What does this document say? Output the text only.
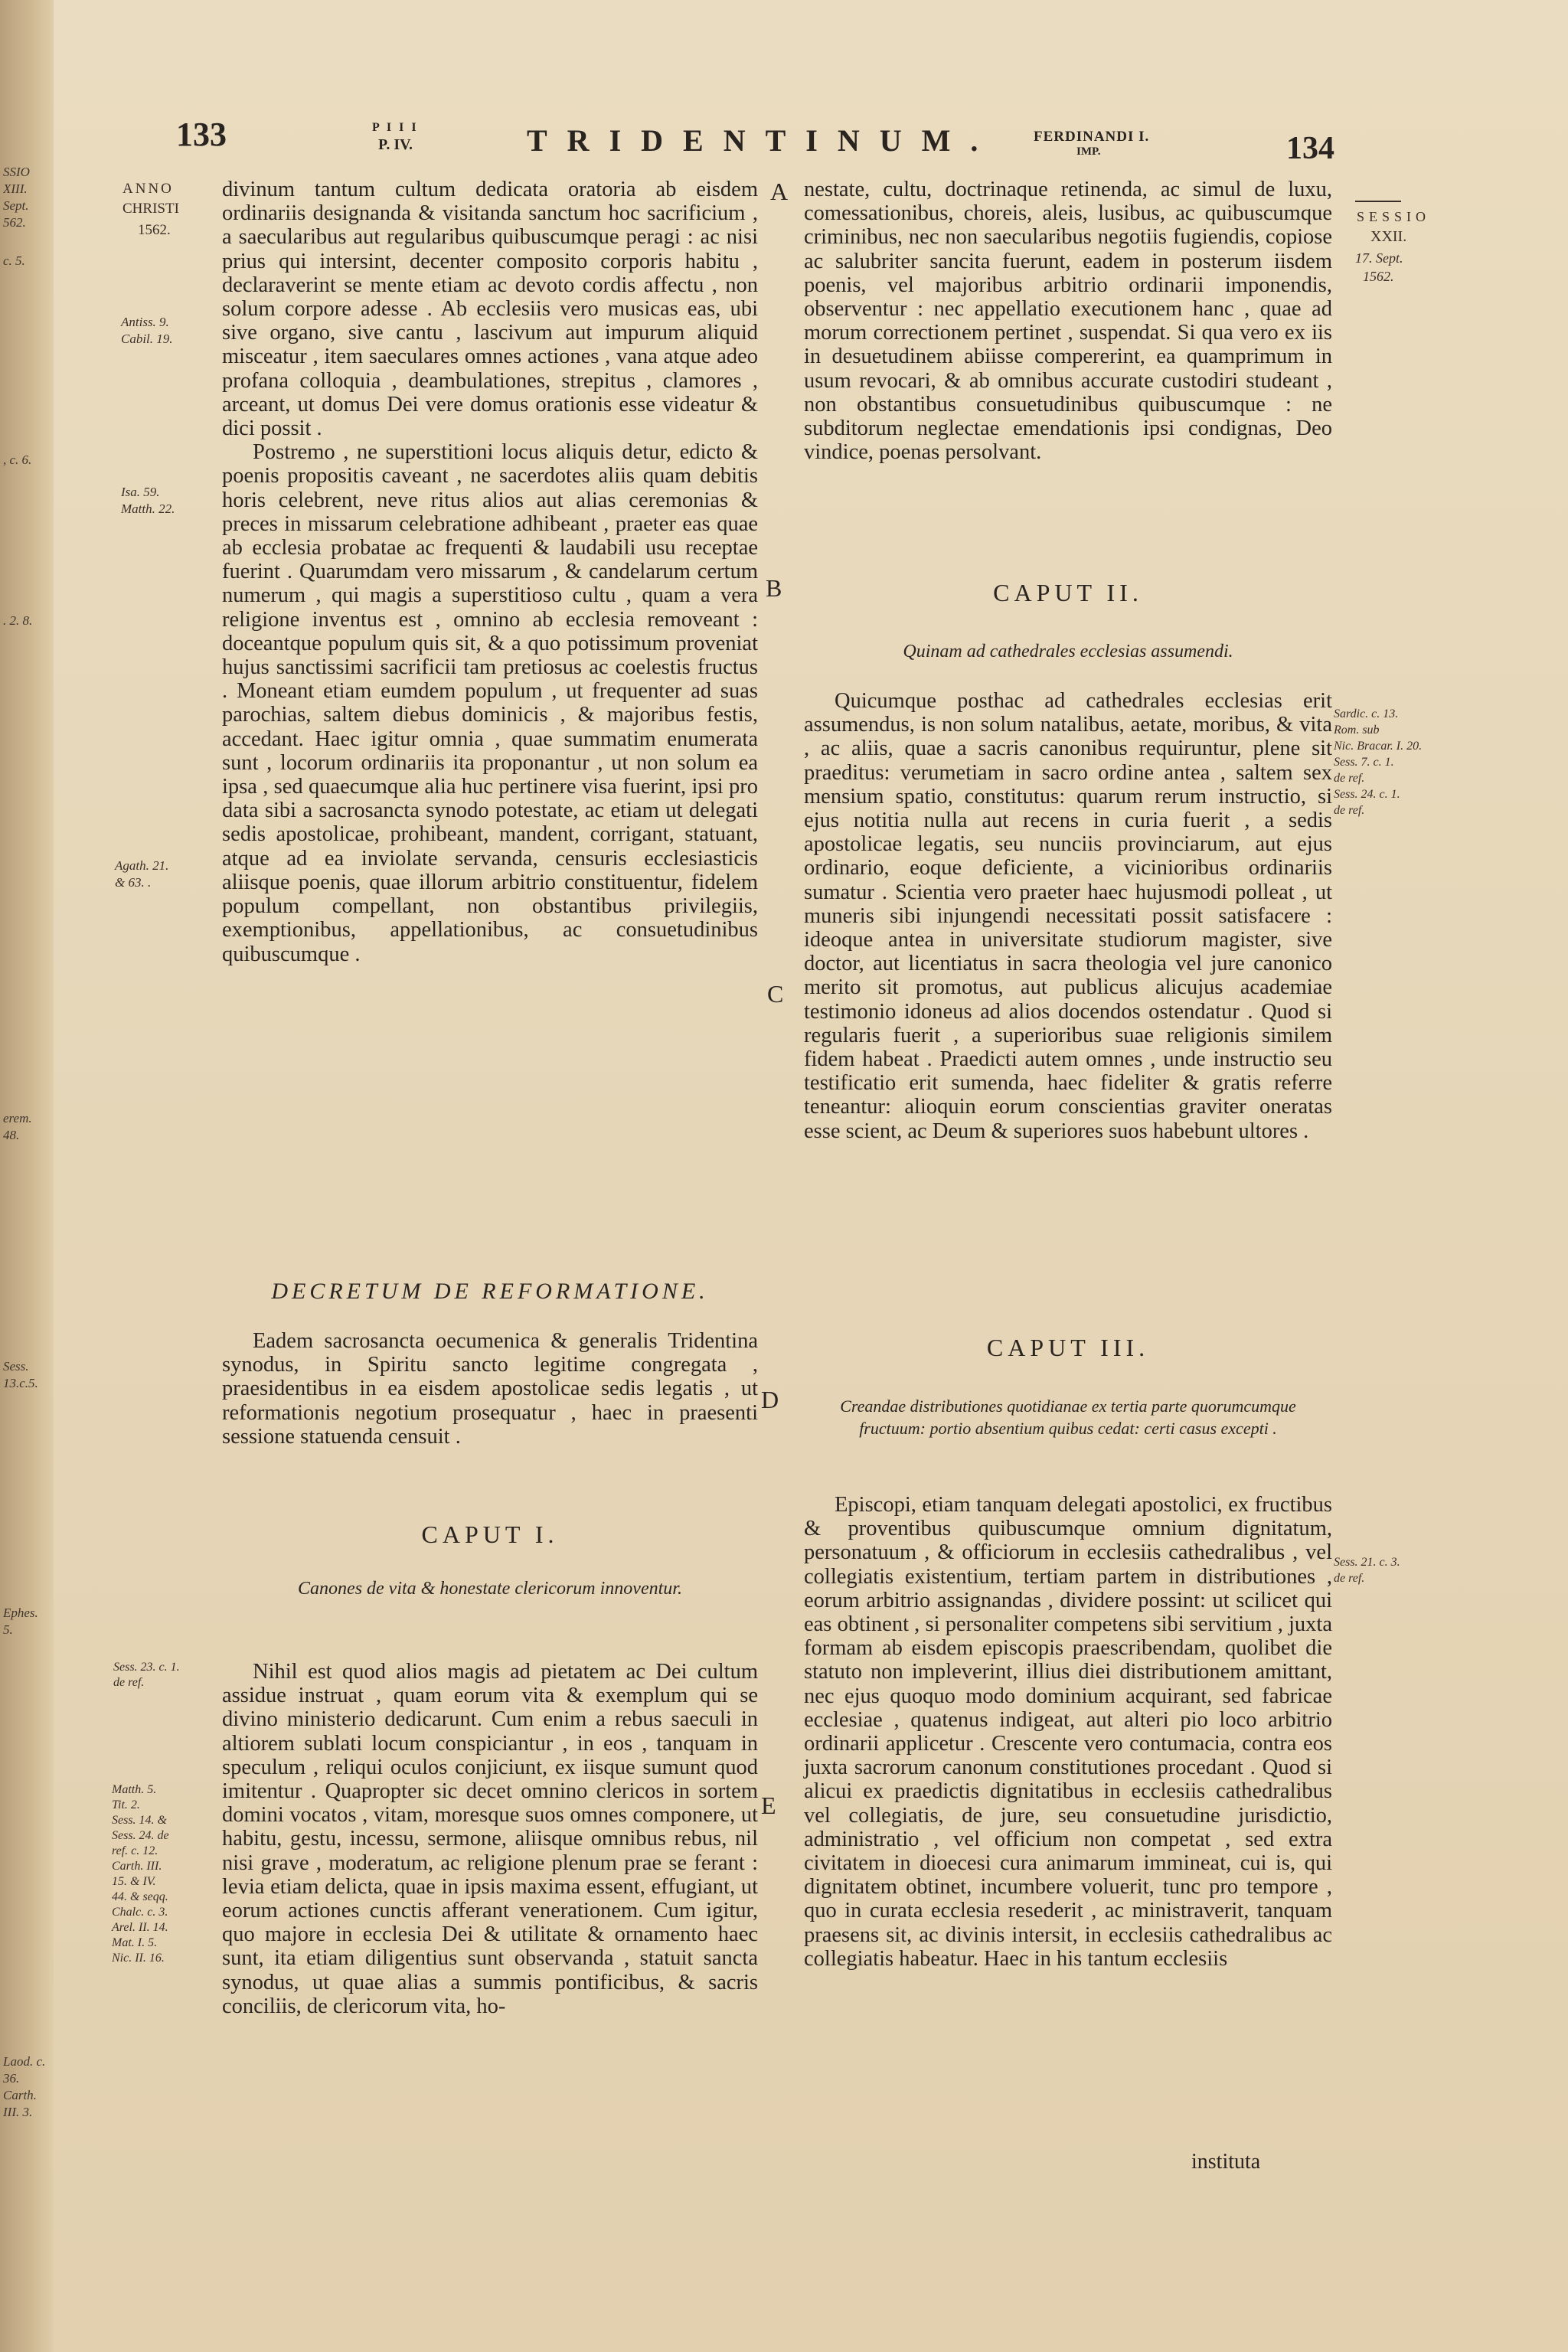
SSIO
XIII.
Sept.
562.
c. 5.
, c. 6.
. 2. 8.
erem. 48.
Sess. 13.c.5.
Ephes. 5.
Laod. c. 36.
Carth. III. 3.
133	P I I I
P. IV.	TRIDENTINUM. FERDINANDI I.
IMP.	134
ANNO
CHRISTI
1562.
Antiss. 9.
Cabil. 19.
Isa. 59.
Matth. 22.
Agath. 21.
& 63. .
Sess. 23. c. 1.
de ref.
Matth. 5.
Tit. 2.
Sess. 14. &
Sess. 24. de
ref. c. 12.
Carth. III.
15. & IV.
44. & seqq.
Chalc. c. 3.
Arel. II. 14.
Mat. I. 5.
Nic. II. 16.

divinum tantum cultum dedicata oratoria ab eisdem ordinariis designanda & visitanda sanctum hoc sacrificium , a saecularibus aut regularibus quibuscumque peragi : ac nisi prius qui intersint, decenter composito corporis habitu , declaraverint se mente etiam ac devoto cordis affectu , non solum corpore adesse . Ab ecclesiis vero musicas eas, ubi sive organo, sive cantu , lascivum aut impurum aliquid misceatur , item saeculares omnes actiones , vana atque adeo profana colloquia , deambulationes, strepitus , clamores , arceant, ut domus Dei vere domus orationis esse videatur & dici possit .

Postremo , ne superstitioni locus aliquis detur, edicto & poenis propositis caveant , ne sacerdotes aliis quam debitis horis celebrent, neve ritus alios aut alias ceremonias & preces in missarum celebratione adhibeant , praeter eas quae ab ecclesia probatae ac frequenti & laudabili usu receptae fuerint . Quarumdam vero missarum , & candelarum certum numerum , qui magis a superstitioso cultu , quam a vera religione inventus est , omnino ab ecclesia removeant : doceantque populum quis sit, & a quo potissimum proveniat hujus sanctissimi sacrificii tam pretiosus ac coelestis fructus . Moneant etiam eumdem populum , ut frequenter ad suas parochias, saltem diebus dominicis , & majoribus festis, accedant. Haec igitur omnia , quae summatim enumerata sunt , locorum ordinariis ita proponantur , ut non solum ea ipsa , sed quaecumque alia huc pertinere visa fuerint, ipsi pro data sibi a sacrosancta synodo potestate, ac etiam ut delegati sedis apostolicae, prohibeant, mandent, corrigant, statuant, atque ad ea inviolate servanda, censuris ecclesiasticis aliisque poenis, quae illorum arbitrio constituentur, fidelem populum compellant, non obstantibus privilegiis, exemptionibus, appellationibus, ac consuetudinibus quibuscumque .

DECRETUM DE REFORMATIONE.

Eadem sacrosancta oecumenica & generalis Tridentina synodus, in Spiritu sancto legitime congregata , praesidentibus in ea eisdem apostolicae sedis legatis , ut reformationis negotium prosequatur , haec in praesenti sessione statuenda censuit .

CAPUT I.
Canones de vita & honestate clericorum innoventur.

Nihil est quod alios magis ad pietatem ac Dei cultum assidue instruat , quam eorum vita & exemplum qui se divino ministerio dedicarunt. Cum enim a rebus saeculi in altiorem sublati locum conspiciantur , in eos , tanquam in speculum , reliqui oculos conjiciunt, ex iisque sumunt quod imitentur . Quapropter sic decet omnino clericos in sortem domini vocatos , vitam, moresque suos omnes componere, ut habitu, gestu, incessu, sermone, aliisque omnibus rebus, nil nisi grave , moderatum, ac religione plenum prae se ferant : levia etiam delicta, quae in ipsis maxima essent, effugiant, ut eorum actiones cunctis afferant venerationem. Cum igitur, quo majore in ecclesia Dei & utilitate & ornamento haec sunt, ita etiam diligentius sunt observanda , statuit sancta synodus, ut quae alias a summis pontificibus, & sacris conciliis, de clericorum vita, ho-

A
B
C
D
E

nestate, cultu, doctrinaque retinenda, ac simul de luxu, comessationibus, choreis, aleis, lusibus, ac quibuscumque criminibus, nec non saecularibus negotiis fugiendis, copiose ac salubriter sancita fuerunt, eadem in posterum iisdem poenis, vel majoribus arbitrio ordinarii imponendis, observentur : nec appellatio executionem hanc , quae ad morum correctionem pertinet , suspendat. Si qua vero ex iis in desuetudinem abiisse compererint, ea quamprimum in usum revocari, & ab omnibus accurate custodiri studeant , non obstantibus consuetudinibus quibuscumque : ne subditorum neglectae emendationis ipsi condignas, Deo vindice, poenas persolvant.

CAPUT II.
Quinam ad cathedrales ecclesias assumendi.

Quicumque posthac ad cathedrales ecclesias erit assumendus, is non solum natalibus, aetate, moribus, & vita , ac aliis, quae a sacris canonibus requiruntur, plene sit praeditus: verumetiam in sacro ordine antea , saltem sex mensium spatio, constitutus: quarum rerum instructio, si ejus notitia nulla aut recens in curia fuerit , a sedis apostolicae legatis, seu nunciis provinciarum, aut ejus ordinario, eoque deficiente, a vicinioribus ordinariis sumatur . Scientia vero praeter haec hujusmodi polleat , ut muneris sibi injungendi necessitati possit satisfacere : ideoque antea in universitate studiorum magister, sive doctor, aut licentiatus in sacra theologia vel jure canonico merito sit promotus, aut publicus alicujus academiae testimonio idoneus ad alios docendos ostendatur . Quod si regularis fuerit , a superioribus suae religionis similem fidem habeat . Praedicti autem omnes , unde instructio seu testificatio erit sumenda, haec fideliter & gratis referre teneantur: alioquin eorum conscientias graviter oneratas esse scient, ac Deum & superiores suos habebunt ultores .

CAPUT III.
Creandae distributiones quotidianae ex tertia parte quorumcumque fructuum: portio absentium quibus cedat: certi casus excepti .

Episcopi, etiam tanquam delegati apostolici, ex fructibus & proventibus quibuscumque omnium dignitatum, personatuum , & officiorum in ecclesiis cathedralibus , vel collegiatis existentium, tertiam partem in distributiones , eorum arbitrio assignandas , dividere possint: ut scilicet qui eas obtinent , si personaliter competens sibi servitium , juxta formam ab eisdem episcopis praescribendam, quolibet die statuto non impleverint, illius diei distributionem amittant, nec ejus quoquo modo dominium acquirant, sed fabricae ecclesiae , quatenus indigeat, aut alteri pio loco arbitrio ordinarii applicetur . Crescente vero contumacia, contra eos juxta sacrorum canonum constitutiones procedant . Quod si alicui ex praedictis dignitatibus in ecclesiis cathedralibus vel collegiatis, de jure, seu consuetudine jurisdictio, administratio , vel officium non competat , sed extra civitatem in dioecesi cura animarum immineat, cui is, qui dignitatem obtinet, incumbere voluerit, tunc pro tempore , quo in curata ecclesia resederit , ac ministraverit, tanquam praesens sit, ac divinis intersit, in ecclesiis cathedralibus ac collegiatis habeatur. Haec in his tantum ecclesiis

instituta
SESSIO
XXII.
17. Sept.
1562.
Sardic. c. 13.
Rom. sub
Nic. Bracar. I. 20.
Sess. 7. c. 1.
de ref.
Sess. 24. c. 1.
de ref.
Sess. 21. c. 3.
de ref.
